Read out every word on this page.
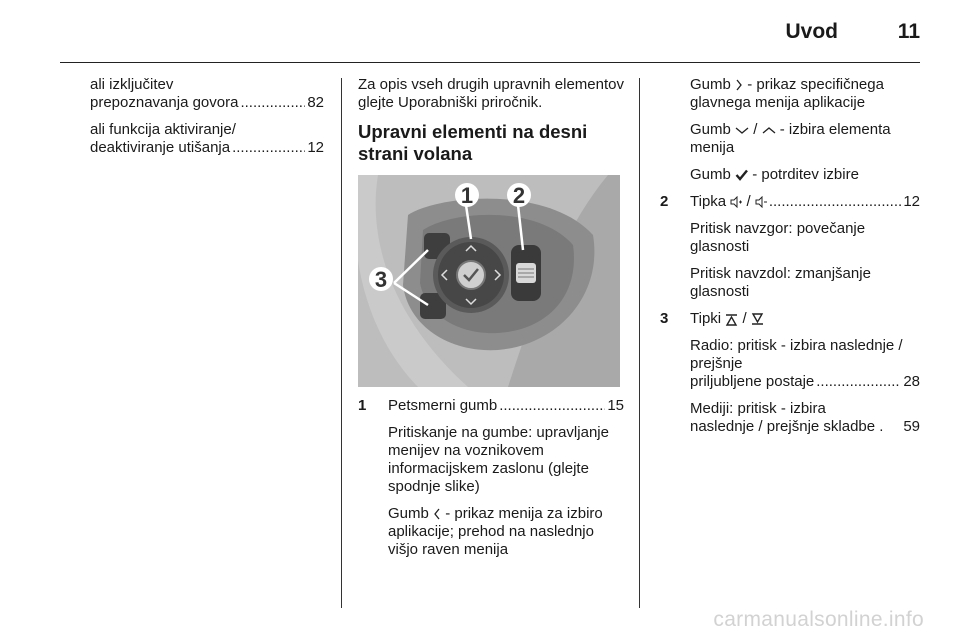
Uvod	11

ali izključitev

prepoznavanja govora .....	82

ali funkcija aktiviranje/

deaktiviranje utišanja .....	12

Za opis vseh drugih upravnih elementov glejte Uporabniški priročnik.

Upravni elementi na desni strani volana
1 2
3
1 Petsmerni gumb .....	15

Pritiskanje na gumbe: upravljanje menijev na voznikovem informacijskem zaslonu (glejte spodnje slike)

Gumb - prikaz menija za izbiro aplikacije; prehod na naslednjo višjo raven menija

Gumb - prikaz specifičnega glavnega menija aplikacije

Gumb / - izbira elementa menija

Gumb - potrditev izbire

2 Tipka / .....	12

Pritisk navzgor: povečanje glasnosti

Pritisk navzdol: zmanjšanje glasnosti

3 Tipki /
Radio: pritisk - izbira naslednje / prejšnje
priljubljene postaje .....	28
Mediji: pritisk - izbira
naslednje / prejšnje skladbe . 59
carmanualsonline.info
